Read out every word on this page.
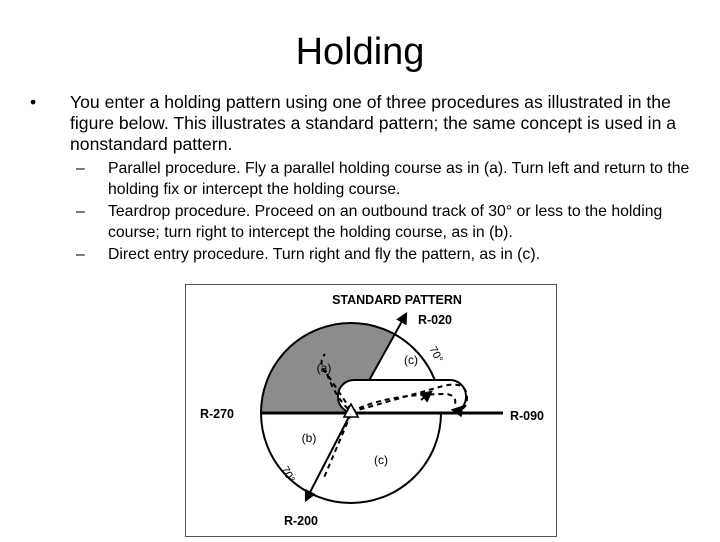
Holding
• You enter a holding pattern using one of three procedures as illustrated in the figure below. This illustrates a standard pattern; the same concept is used in a nonstandard pattern.
– Parallel procedure. Fly a parallel holding course as in (a). Turn left and return to the holding fix or intercept the holding course.
– Teardrop procedure. Proceed on an outbound track of 30° or less to the holding course; turn right to intercept the holding course, as in (b).
– Direct entry procedure. Turn right and fly the pattern, as in (c).
STANDARD PATTERN
R-020
R-270	R-090
R-200
70°
70°
(a)
(c)
(b)
(c)
